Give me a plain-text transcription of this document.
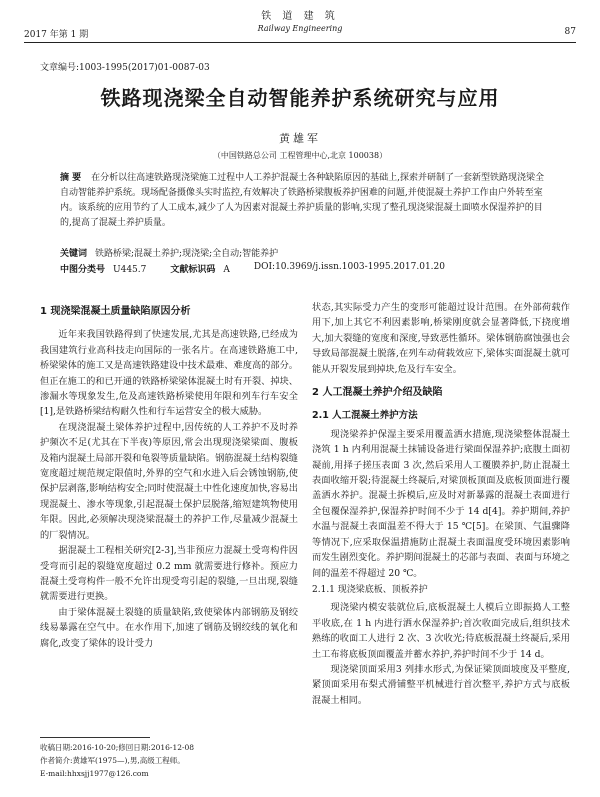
2017 年第 1 期
铁 道 建 筑
Railway Engineering	87
文章编号:1003-1995(2017)01-0087-03
铁路现浇梁全自动智能养护系统研究与应用
黄雄军
（中国铁路总公司 工程管理中心,北京 100038）
摘 要 在分析以往高速铁路现浇梁施工过程中人工养护混凝土各种缺陷原因的基础上,探索并研制了一套新型铁路现浇梁全自动智能养护系统。现场配备摄像头实时监控,有效解决了铁路桥梁腹板养护困难的问题,并使混凝土养护工作由户外转至室内。该系统的应用节约了人工成本,减少了人为因素对混凝土养护质量的影响,实现了整孔现浇梁混凝土面喷水保湿养护的目的,提高了混凝土养护质量。
关键词 铁路桥梁;混凝土养护;现浇梁;全自动;智能养护
中图分类号 U445.7	文献标识码 A	DOI:10.3969/j.issn.1003-1995.2017.01.20
1 现浇梁混凝土质量缺陷原因分析

近年来我国铁路得到了快速发展,尤其是高速铁路,已经成为我国建筑行业高科技走向国际的一张名片。在高速铁路施工中,桥梁梁体的施工又是高速铁路建设中技术最难、难度高的部分。但正在施工的和已开通的铁路桥梁梁体混凝土时有开裂、掉块、渗漏水等现象发生,危及高速铁路桥梁使用年限和列车行车安全[1],是铁路桥梁结构耐久性和行车运营安全的极大威胁。

在现浇混凝土梁体养护过程中,因传统的人工养护不及时养护频次不足(尤其在下半夜)等原因,常会出现现浇梁梁面、腹板及箱内混凝土局部开裂和龟裂等质量缺陷。钢筋混凝土结构裂缝宽度超过规范规定限值时,外界的空气和水进入后会锈蚀钢筋,使保护层剥落,影响结构安全;同时使混凝土中性化速度加快,容易出现混凝土、渗水等现象,引起混凝土保护层脱落,缩短建筑物使用年限。因此,必须解决现浇梁混凝土的养护工作,尽量减少混凝土的厂裂情况。

据混凝土工程相关研究[2-3],当非预应力混凝土受弯构件因受弯而引起的裂缝宽度超过 0.2 mm 就需要进行修补。预应力混凝土受弯构件一般不允许出现受弯引起的裂缝,一旦出现,裂缝就需要进行更换。

由于梁体混凝土裂缝的质量缺陷,致使梁体内部钢筋及钢绞线易暴露在空气中。在水作用下,加速了钢筋及钢绞线的氧化和腐化,改变了梁体的设计受力

状态,其实际受力产生的变形可能超过设计范围。在外部荷载作用下,加上其它不利因素影响,桥梁刚度就会显著降低,下挠度增大,加大裂缝的宽度和深度,导致恶性循环。梁体钢筋腐蚀强也会导致局部混凝土脱落,在列车动荷载效应下,梁体实面混凝土就可能从开裂发展到掉块,危及行车安全。

2 人工混凝土养护介绍及缺陷
2.1 人工混凝土养护方法

现浇梁养护保湿主要采用覆盖洒水措施,现浇梁整体混凝土浇筑 1 h 内利用混凝土抹铺设备进行梁面保湿养护;底腹土面初凝前,用择子搓压表面 3 次,然后采用人工覆膜养护,防止混凝土表面收缩开裂;待混凝土终凝后,对梁顶板顶面及底板顶面进行覆盖洒水养护。混凝土拆模后,应及时对新暴露的混凝土表面进行全包覆保湿养护,保湿养护时间不少于 14 d[4]。养护期间,养护水温与混凝土表面温差不得大于 15 ℃[5]。在梁顶、气温骤降等情况下,应采取保温措施防止混凝土表面温度受环境因素影响而发生剧烈变化。养护期间混凝土的芯部与表面、表面与环境之间的温差不得超过 20 ℃。

2.1.1 现浇梁底板、顶板养护

现浇梁内模安装就位后,底板混凝土人模后立即振捣人工整平收底,在 1 h 内进行洒水保湿养护;首次收面完成后,组织技术熟练的收面工人进行 2 次、3 次收光;待底板混凝土终凝后,采用土工布将底板顶面覆盖并蓄水养护,养护时间不少于 14 d。

现浇梁顶面采用3 列排水形式,为保证梁顶面坡度及平整度,紧顶面采用布梨式滑铺整平机械进行首次整平,养护方式与底板混凝土相同。

收稿日期:2016-10-20;修回日期:2016-12-08
作者简介:黄雄军(1975—),男,高级工程师。
E-mail:hhxsjj1977@126.com
